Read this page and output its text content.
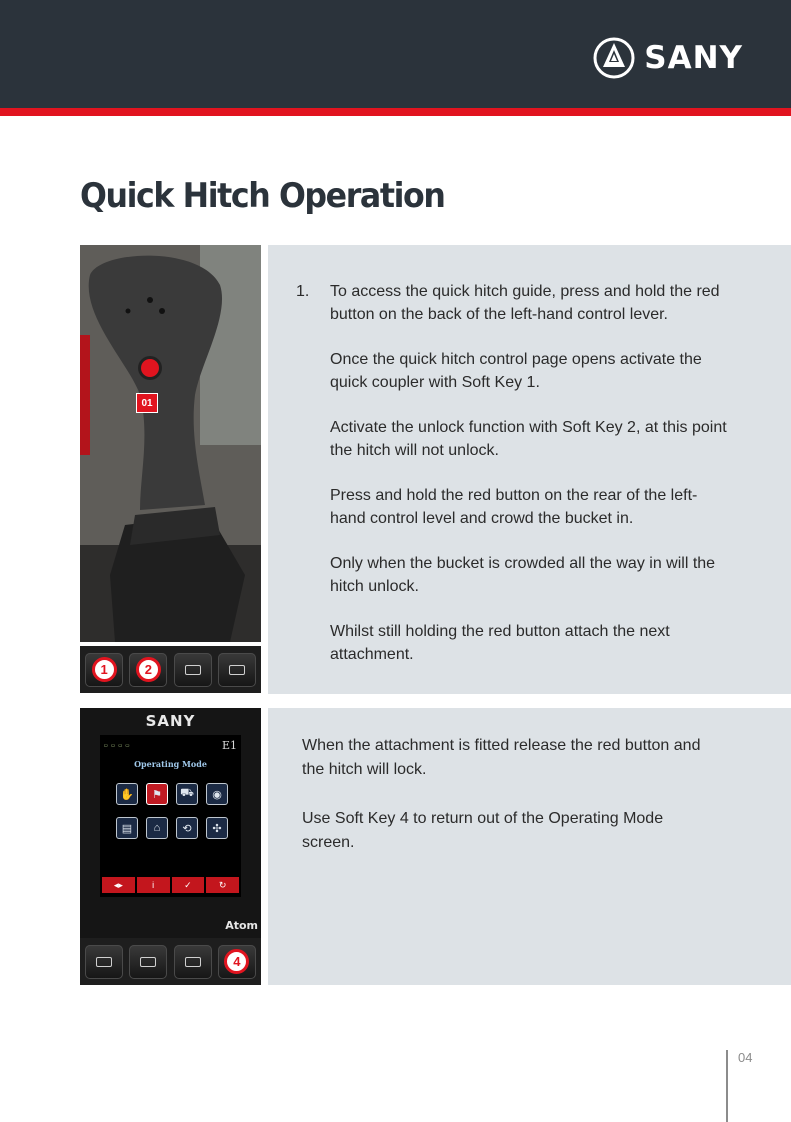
SANY
Quick Hitch Operation
01
1	2
1. To access the quick hitch guide, press and hold the red button on the back of the left-hand control lever.

Once the quick hitch control page opens activate the quick coupler with Soft Key 1.

Activate the unlock function with Soft Key 2, at this point the hitch will not unlock.

Press and hold the red button on the rear of the left-hand control level and crowd the bucket in.

Only when the bucket is crowded all the way in will the hitch unlock.

Whilst still holding the red button attach the next attachment.

SANY
▭ ▭ ▭ ▭	E1
Operating Mode
✋	⚑	⛟	◉
▤	⌂	⟲	✣
◂▸	i	✓	↻
Atom
4

When the attachment is fitted release the red button and the hitch will lock.

Use Soft Key 4 to return out of the Operating Mode screen.

04
